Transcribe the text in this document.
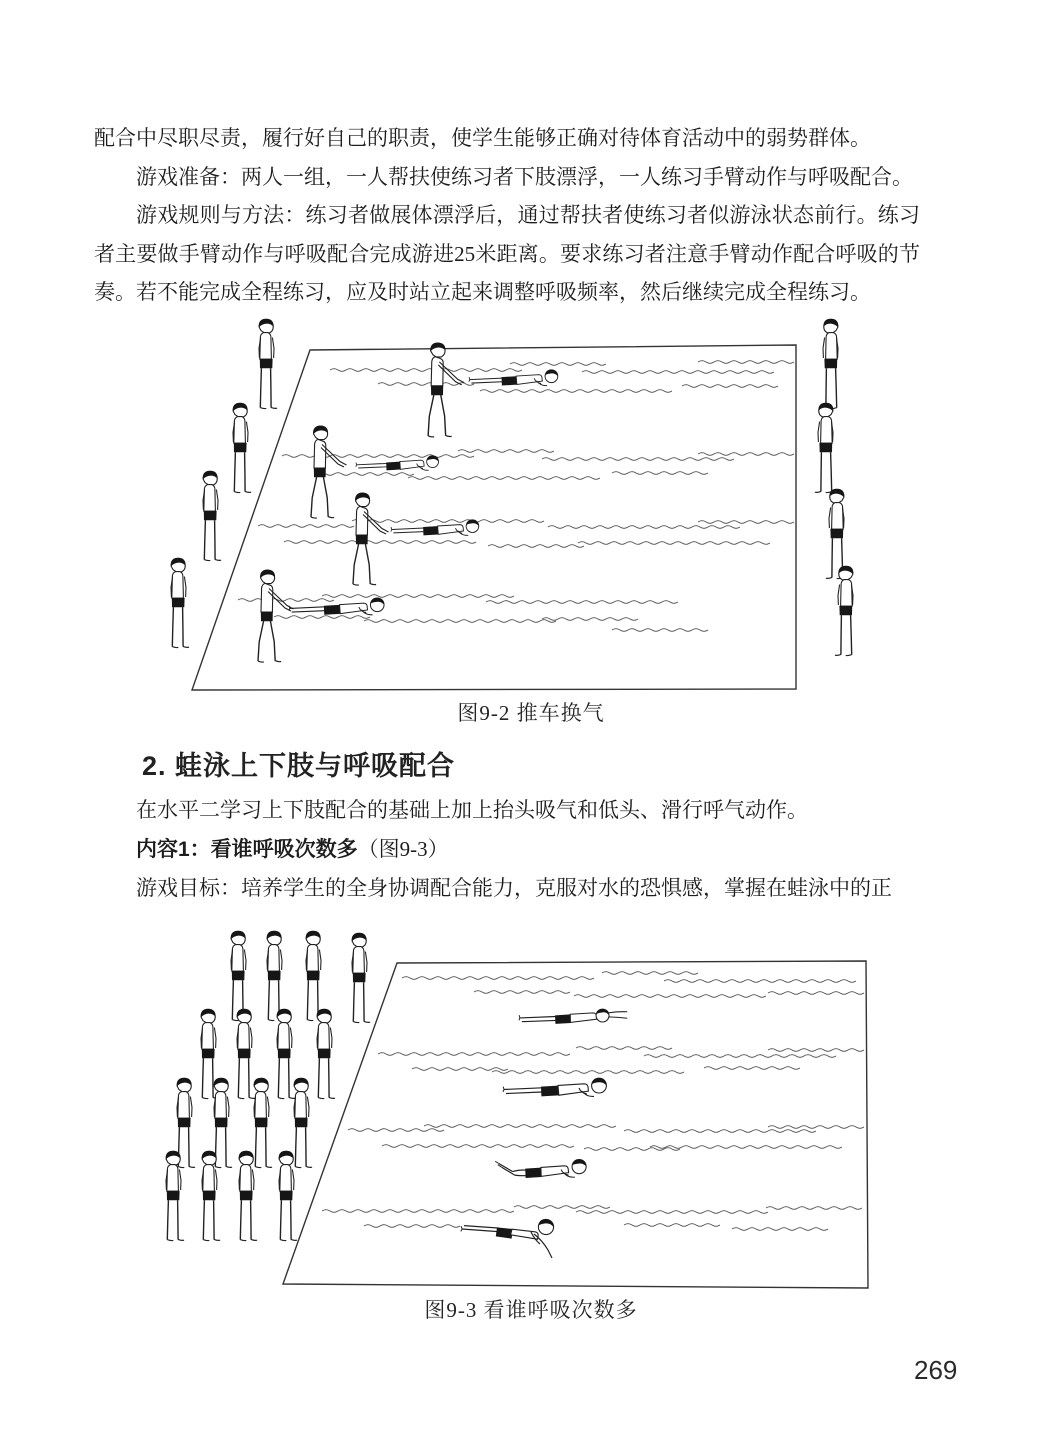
配合中尽职尽责，履行好自己的职责，使学生能够正确对待体育活动中的弱势群体。

游戏准备：两人一组，一人帮扶使练习者下肢漂浮，一人练习手臂动作与呼吸配合。

游戏规则与方法：练习者做展体漂浮后，通过帮扶者使练习者似游泳状态前行。练习者主要做手臂动作与呼吸配合完成游进25米距离。要求练习者注意手臂动作配合呼吸的节奏。若不能完成全程练习，应及时站立起来调整呼吸频率，然后继续完成全程练习。

图9-2 推车换气
2. 蛙泳上下肢与呼吸配合

在水平二学习上下肢配合的基础上加上抬头吸气和低头、滑行呼气动作。

内容1：看谁呼吸次数多（图9-3）

游戏目标：培养学生的全身协调配合能力，克服对水的恐惧感，掌握在蛙泳中的正

图9-3 看谁呼吸次数多
269
